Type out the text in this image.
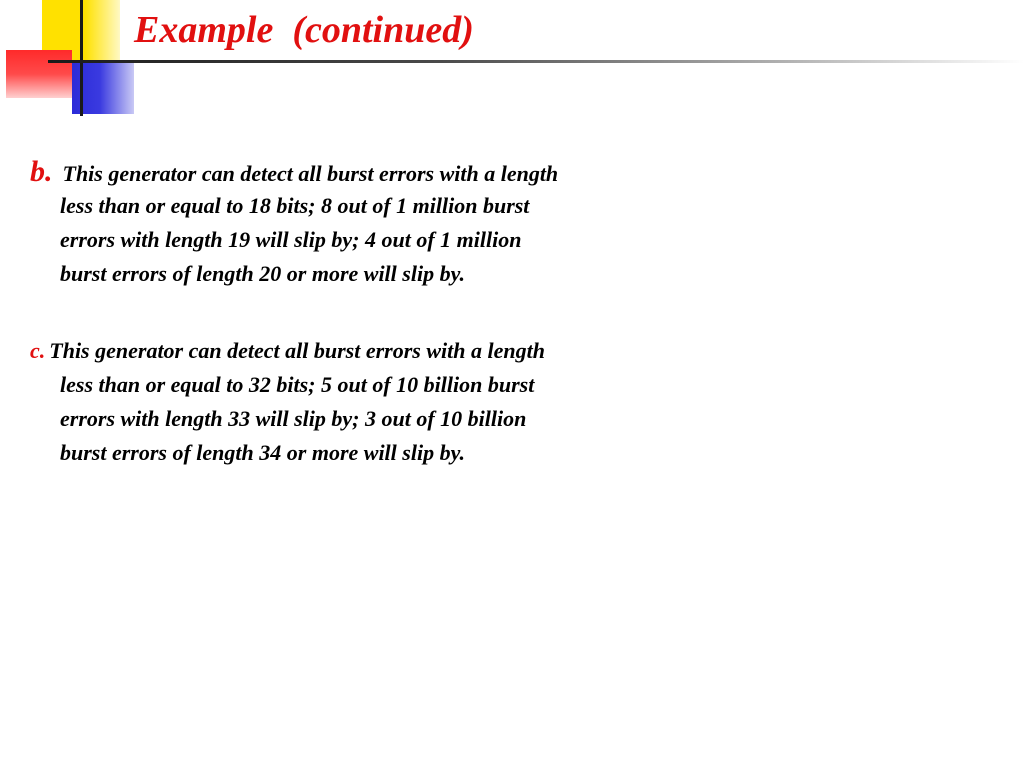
Example  (continued)
b. This generator can detect all burst errors with a length
less than or equal to 18 bits; 8 out of 1 million burst
errors with length 19 will slip by; 4 out of 1 million
burst errors of length 20 or more will slip by.
c. This generator can detect all burst errors with a length
less than or equal to 32 bits; 5 out of 10 billion burst
errors with length 33 will slip by; 3 out of 10 billion
burst errors of length 34 or more will slip by.
